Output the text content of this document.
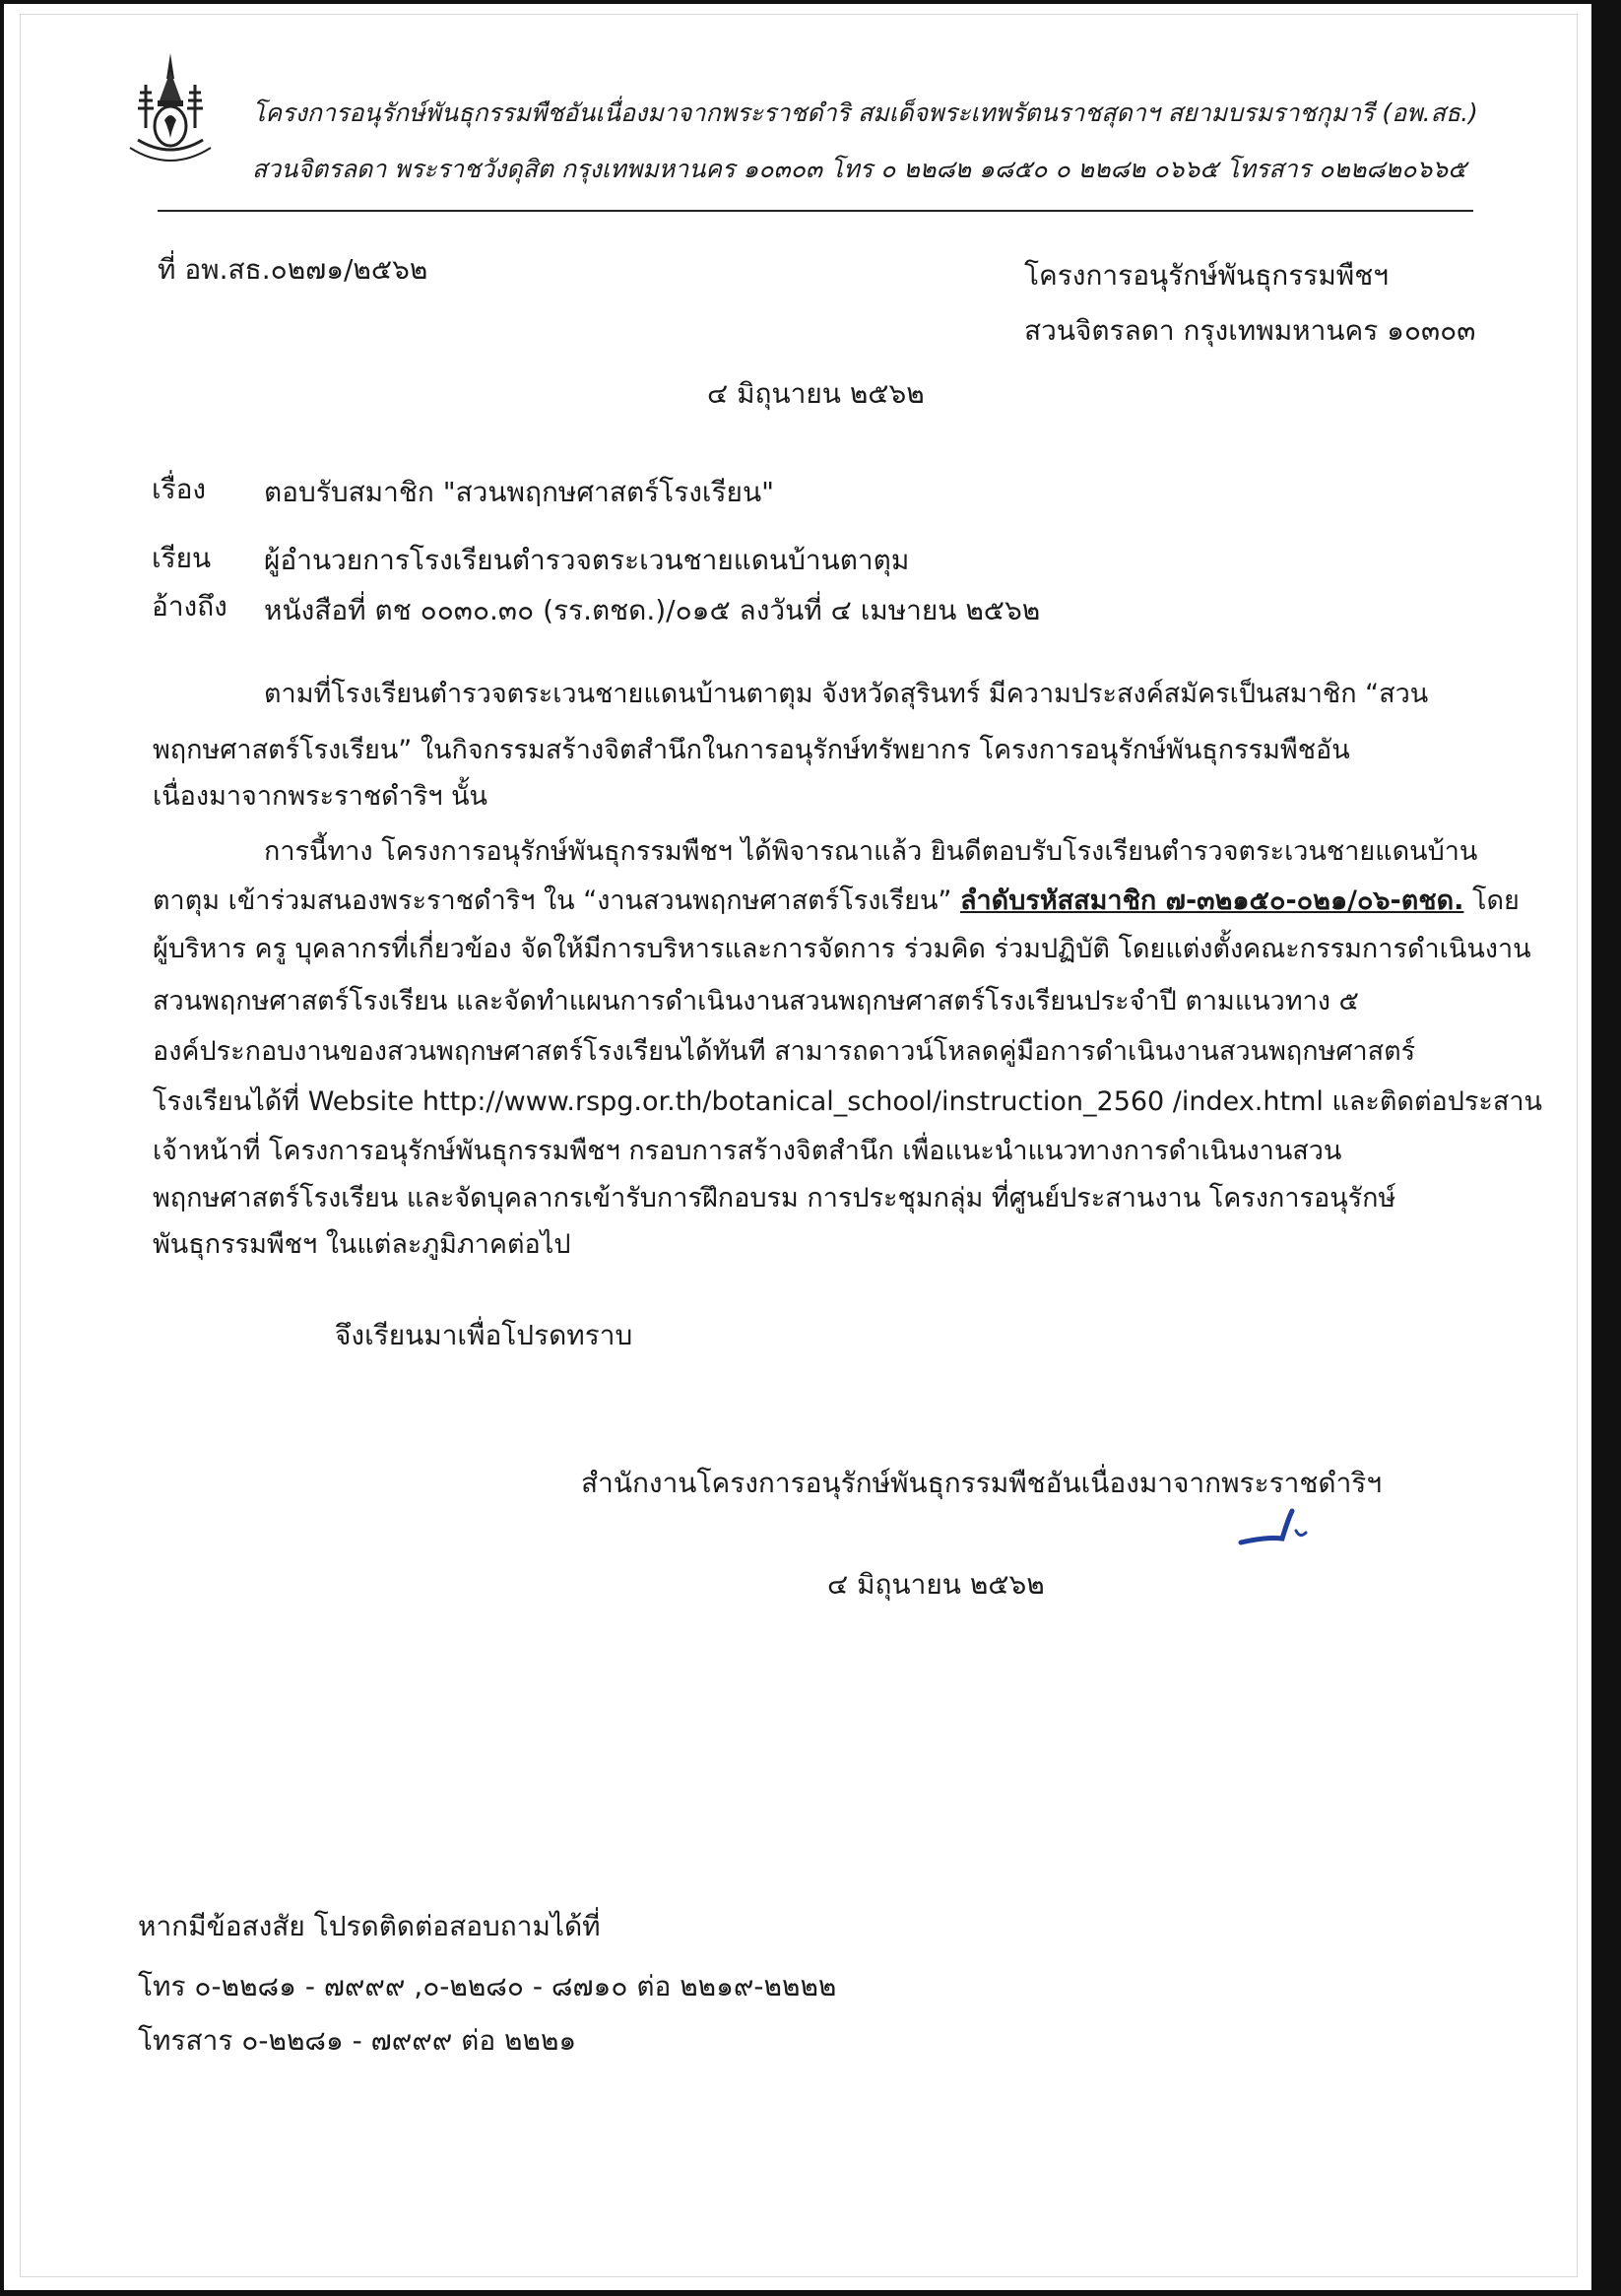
โครงการอนุรักษ์พันธุกรรมพืชอันเนื่องมาจากพระราชดำริ สมเด็จพระเทพรัตนราชสุดาฯ สยามบรมราชกุมารี (อพ.สธ.)
สวนจิตรลดา พระราชวังดุสิต กรุงเทพมหานคร ๑๐๓๐๓ โทร ๐ ๒๒๘๒ ๑๘๕๐ ๐ ๒๒๘๒ ๐๖๖๕ โทรสาร ๐๒๒๘๒๐๖๖๕
ที่ อพ.สธ.๐๒๗๑/๒๕๖๒	โครงการอนุรักษ์พันธุกรรมพืชฯ
สวนจิตรลดา กรุงเทพมหานคร ๑๐๓๐๓
๔ มิถุนายน ๒๕๖๒
เรื่อง ตอบรับสมาชิก "สวนพฤกษศาสตร์โรงเรียน"
เรียน ผู้อำนวยการโรงเรียนตำรวจตระเวนชายแดนบ้านตาตุม
อ้างถึง หนังสือที่ ตช ๐๐๓๐.๓๐ (รร.ตชด.)/๐๑๕ ลงวันที่ ๔ เมษายน ๒๕๖๒
ตามที่โรงเรียนตำรวจตระเวนชายแดนบ้านตาตุม จังหวัดสุรินทร์ มีความประสงค์สมัครเป็นสมาชิก “สวน
พฤกษศาสตร์โรงเรียน” ในกิจกรรมสร้างจิตสำนึกในการอนุรักษ์ทรัพยากร โครงการอนุรักษ์พันธุกรรมพืชอัน
เนื่องมาจากพระราชดำริฯ นั้น
การนี้ทาง โครงการอนุรักษ์พันธุกรรมพืชฯ ได้พิจารณาแล้ว ยินดีตอบรับโรงเรียนตำรวจตระเวนชายแดนบ้าน
ตาตุม เข้าร่วมสนองพระราชดำริฯ ใน “งานสวนพฤกษศาสตร์โรงเรียน” ลำดับรหัสสมาชิก ๗-๓๒๑๕๐-๐๒๑/๐๖-ตชด. โดย
ผู้บริหาร ครู บุคลากรที่เกี่ยวข้อง จัดให้มีการบริหารและการจัดการ ร่วมคิด ร่วมปฏิบัติ โดยแต่งตั้งคณะกรรมการดำเนินงาน
สวนพฤกษศาสตร์โรงเรียน และจัดทำแผนการดำเนินงานสวนพฤกษศาสตร์โรงเรียนประจำปี ตามแนวทาง ๕
องค์ประกอบงานของสวนพฤกษศาสตร์โรงเรียนได้ทันที สามารถดาวน์โหลดคู่มือการดำเนินงานสวนพฤกษศาสตร์
โรงเรียนได้ที่ Website http://www.rspg.or.th/botanical_school/instruction_2560 /index.html และติดต่อประสาน
เจ้าหน้าที่ โครงการอนุรักษ์พันธุกรรมพืชฯ กรอบการสร้างจิตสำนึก เพื่อแนะนำแนวทางการดำเนินงานสวน
พฤกษศาสตร์โรงเรียน และจัดบุคลากรเข้ารับการฝึกอบรม การประชุมกลุ่ม ที่ศูนย์ประสานงาน โครงการอนุรักษ์
พันธุกรรมพืชฯ ในแต่ละภูมิภาคต่อไป
จึงเรียนมาเพื่อโปรดทราบ
สำนักงานโครงการอนุรักษ์พันธุกรรมพืชอันเนื่องมาจากพระราชดำริฯ
๔ มิถุนายน ๒๕๖๒
หากมีข้อสงสัย โปรดติดต่อสอบถามได้ที่
โทร ๐-๒๒๘๑ - ๗๙๙๙ ,๐-๒๒๘๐ - ๘๗๑๐ ต่อ ๒๒๑๙-๒๒๒๒
โทรสาร ๐-๒๒๘๑ - ๗๙๙๙ ต่อ ๒๒๒๑
